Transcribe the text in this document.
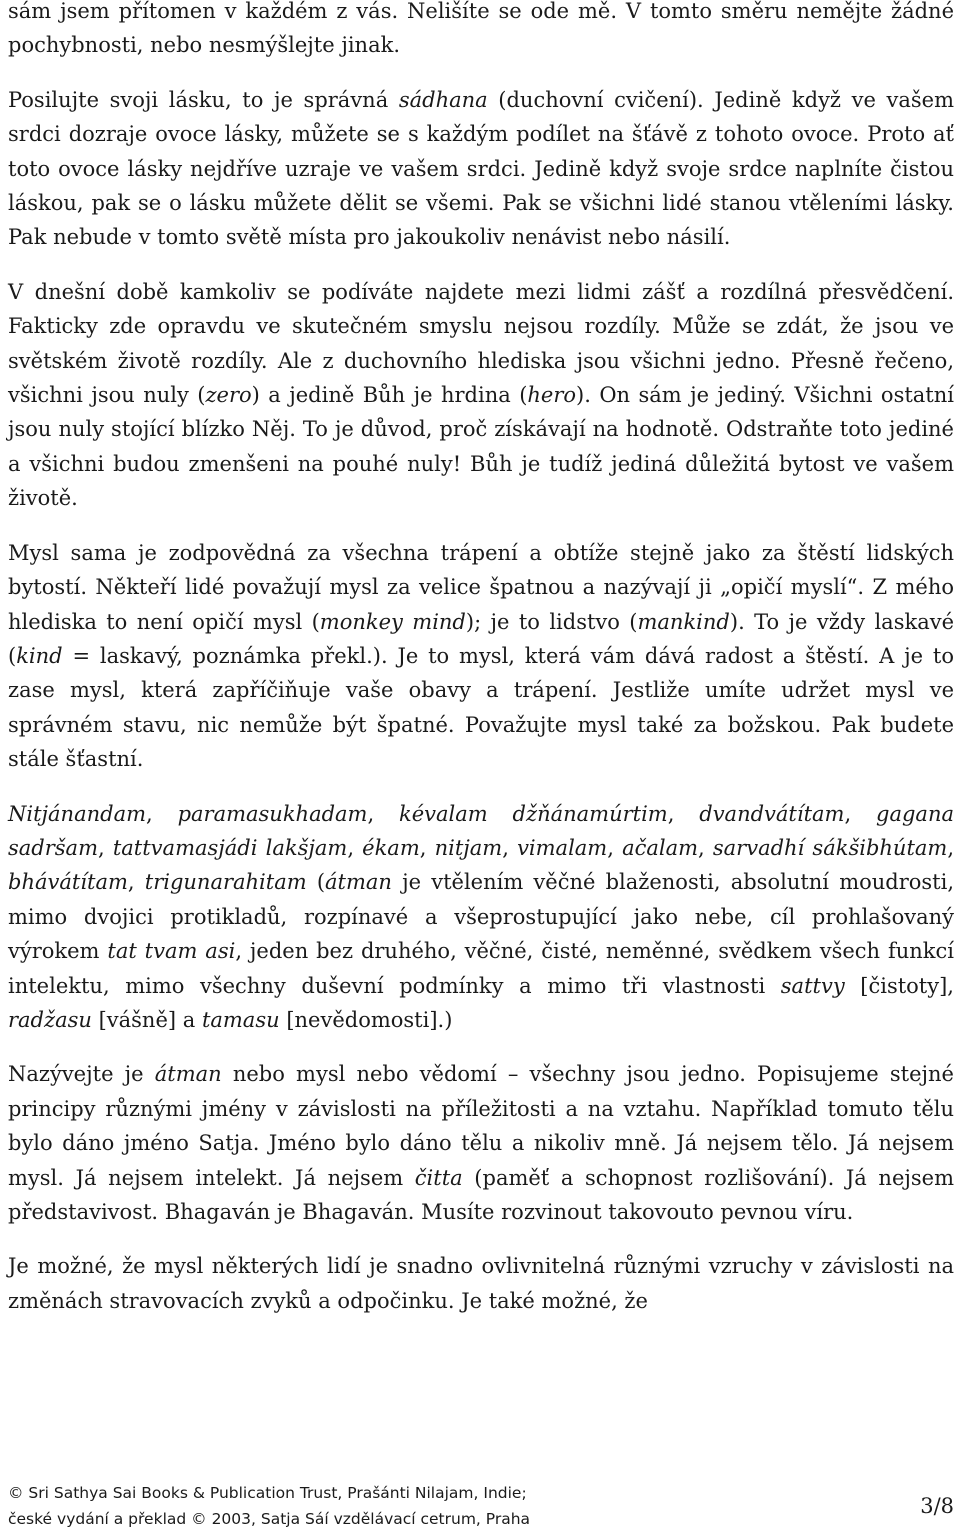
sám jsem přítomen v každém z vás. Nelišíte se ode mě. V tomto směru nemějte žádné pochybnosti, nebo nesmýšlejte jinak.

Posilujte svoji lásku, to je správná sádhana (duchovní cvičení). Jedině když ve vašem srdci dozraje ovoce lásky, můžete se s každým podílet na šťávě z tohoto ovoce. Proto ať toto ovoce lásky nejdříve uzraje ve vašem srdci. Jedině když svoje srdce naplníte čistou láskou, pak se o lásku můžete dělit se všemi. Pak se všichni lidé stanou vtěleními lásky. Pak nebude v tomto světě místa pro jakoukoliv nenávist nebo násilí.

V dnešní době kamkoliv se podíváte najdete mezi lidmi zášť a rozdílná přesvědčení. Fakticky zde opravdu ve skutečném smyslu nejsou rozdíly. Může se zdát, že jsou ve světském životě rozdíly. Ale z duchovního hlediska jsou všichni jedno. Přesně řečeno, všichni jsou nuly (zero) a jedině Bůh je hrdina (hero). On sám je jediný. Všichni ostatní jsou nuly stojící blízko Něj. To je důvod, proč získávají na hodnotě. Odstraňte toto jediné a všichni budou zmenšeni na pouhé nuly! Bůh je tudíž jediná důležitá bytost ve vašem životě.

Mysl sama je zodpovědná za všechna trápení a obtíže stejně jako za štěstí lidských bytostí. Někteří lidé považují mysl za velice špatnou a nazývají ji „opičí myslí“. Z mého hlediska to není opičí mysl (monkey mind); je to lidstvo (mankind). To je vždy laskavé (kind = laskavý, poznámka překl.). Je to mysl, která vám dává radost a štěstí. A je to zase mysl, která zapříčiňuje vaše obavy a trápení. Jestliže umíte udržet mysl ve správném stavu, nic nemůže být špatné. Považujte mysl také za božskou. Pak budete stále šťastní.

Nitjánandam, paramasukhadam, kévalam džňánamúrtim, dvandvátítam, gagana sadršam, tattvamasjádi lakšjam, ékam, nitjam, vimalam, ačalam, sarvadhí sákšibhútam, bhávátítam, trigunarahitam (átman je vtělením věčné blaženosti, absolutní moudrosti, mimo dvojici protikladů, rozpínavé a všeprostupující jako nebe, cíl prohlašovaný výrokem tat tvam asi, jeden bez druhého, věčné, čisté, neměnné, svědkem všech funkcí intelektu, mimo všechny duševní podmínky a mimo tři vlastnosti sattvy [čistoty], radžasu [vášně] a tamasu [nevědomosti].)

Nazývejte je átman nebo mysl nebo vědomí – všechny jsou jedno. Popisujeme stejné principy různými jmény v závislosti na příležitosti a na vztahu. Například tomuto tělu bylo dáno jméno Satja. Jméno bylo dáno tělu a nikoliv mně. Já nejsem tělo. Já nejsem mysl. Já nejsem intelekt. Já nejsem čitta (paměť a schopnost rozlišování). Já nejsem představivost. Bhagaván je Bhagaván. Musíte rozvinout takovouto pevnou víru.

Je možné, že mysl některých lidí je snadno ovlivnitelná různými vzruchy v závislosti na změnách stravovacích zvyků a odpočinku. Je také možné, že

© Sri Sathya Sai Books & Publication Trust, Prašánti Nilajam, Indie;
české vydání a překlad © 2003, Satja Sáí vzdělávací cetrum, Praha
3/8
